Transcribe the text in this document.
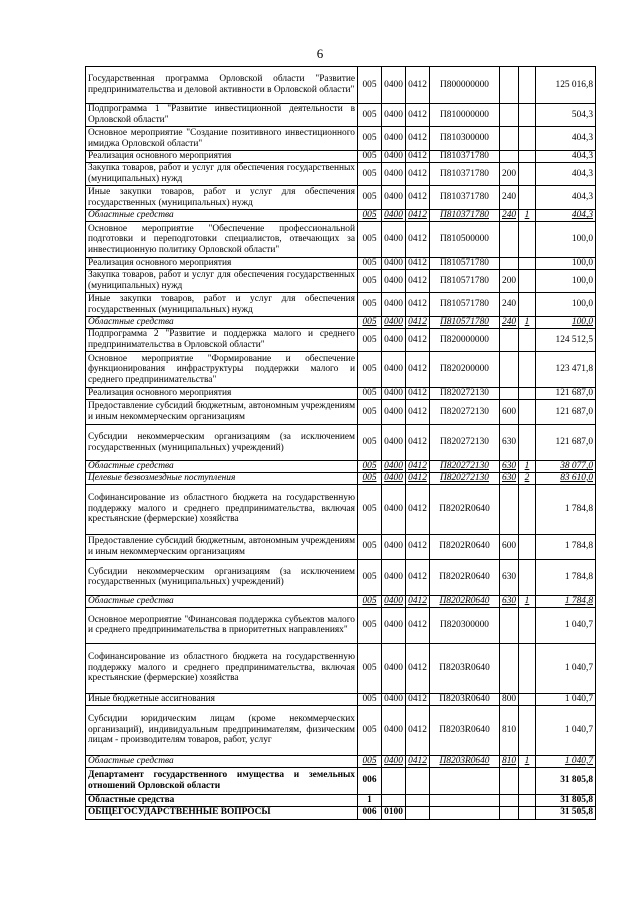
6
Государственная программа Орловской области "Развитие предпринимательства и деловой активности в Орловской области"	005	0400	0412	П800000000			125 016,8
Подпрограмма 1 "Развитие инвестиционной деятельности в Орловской области"	005	0400	0412	П810000000			504,3
Основное мероприятие "Создание позитивного инвестиционного имиджа Орловской области"	005	0400	0412	П810300000			404,3
Реализация основного мероприятия	005	0400	0412	П810371780			404,3
Закупка товаров, работ и услуг для обеспечения государственных (муниципальных) нужд	005	0400	0412	П810371780	200		404,3
Иные закупки товаров, работ и услуг для обеспечения государственных (муниципальных) нужд	005	0400	0412	П810371780	240		404,3
Областные средства	005	0400	0412	П810371780	240	1	404,3
Основное мероприятие "Обеспечение профессиональной подготовки и переподготовки специалистов, отвечающих за инвестиционную политику Орловской области"	005	0400	0412	П810500000			100,0
Реализация основного мероприятия	005	0400	0412	П810571780			100,0
Закупка товаров, работ и услуг для обеспечения государственных (муниципальных) нужд	005	0400	0412	П810571780	200		100,0
Иные закупки товаров, работ и услуг для обеспечения государственных (муниципальных) нужд	005	0400	0412	П810571780	240		100,0
Областные средства	005	0400	0412	П810571780	240	1	100,0
Подпрограмма 2 "Развитие и поддержка малого и среднего предпринимательства в Орловской области"	005	0400	0412	П820000000			124 512,5
Основное мероприятие "Формирование и обеспечение функционирования инфраструктуры поддержки малого и среднего предпринимательства"	005	0400	0412	П820200000			123 471,8
Реализация основного мероприятия	005	0400	0412	П820272130			121 687,0
Предоставление субсидий бюджетным, автономным учреждениям и иным некоммерческим организациям	005	0400	0412	П820272130	600		121 687,0
Субсидии некоммерческим организациям (за исключением государственных (муниципальных) учреждений)	005	0400	0412	П820272130	630		121 687,0
Областные средства	005	0400	0412	П820272130	630	1	38 077,0
Целевые безвозмездные поступления	005	0400	0412	П820272130	630	2	83 610,0
Софинансирование из областного бюджета на государственную поддержку малого и среднего предпринимательства, включая крестьянские (фермерские) хозяйства	005	0400	0412	П8202R0640			1 784,8
Предоставление субсидий бюджетным, автономным учреждениям и иным некоммерческим организациям	005	0400	0412	П8202R0640	600		1 784,8
Субсидии некоммерческим организациям (за исключением государственных (муниципальных) учреждений)	005	0400	0412	П8202R0640	630		1 784,8
Областные средства	005	0400	0412	П8202R0640	630	1	1 784,8
Основное мероприятие "Финансовая поддержка субъектов малого и среднего предпринимательства в приоритетных направлениях"	005	0400	0412	П820300000			1 040,7
Софинансирование из областного бюджета на государственную поддержку малого и среднего предпринимательства, включая крестьянские (фермерские) хозяйства	005	0400	0412	П8203R0640			1 040,7
Иные бюджетные ассигнования	005	0400	0412	П8203R0640	800		1 040,7
Субсидии юридическим лицам (кроме некоммерческих организаций), индивидуальным предпринимателям, физическим лицам - производителям товаров, работ, услуг	005	0400	0412	П8203R0640	810		1 040,7
Областные средства	005	0400	0412	П8203R0640	810	1	1 040,7
Департамент государственного имущества и земельных отношений Орловской области	006						31 805,8
Областные средства	1						31 805,8
ОБЩЕГОСУДАРСТВЕННЫЕ ВОПРОСЫ	006	0100					31 505,8
